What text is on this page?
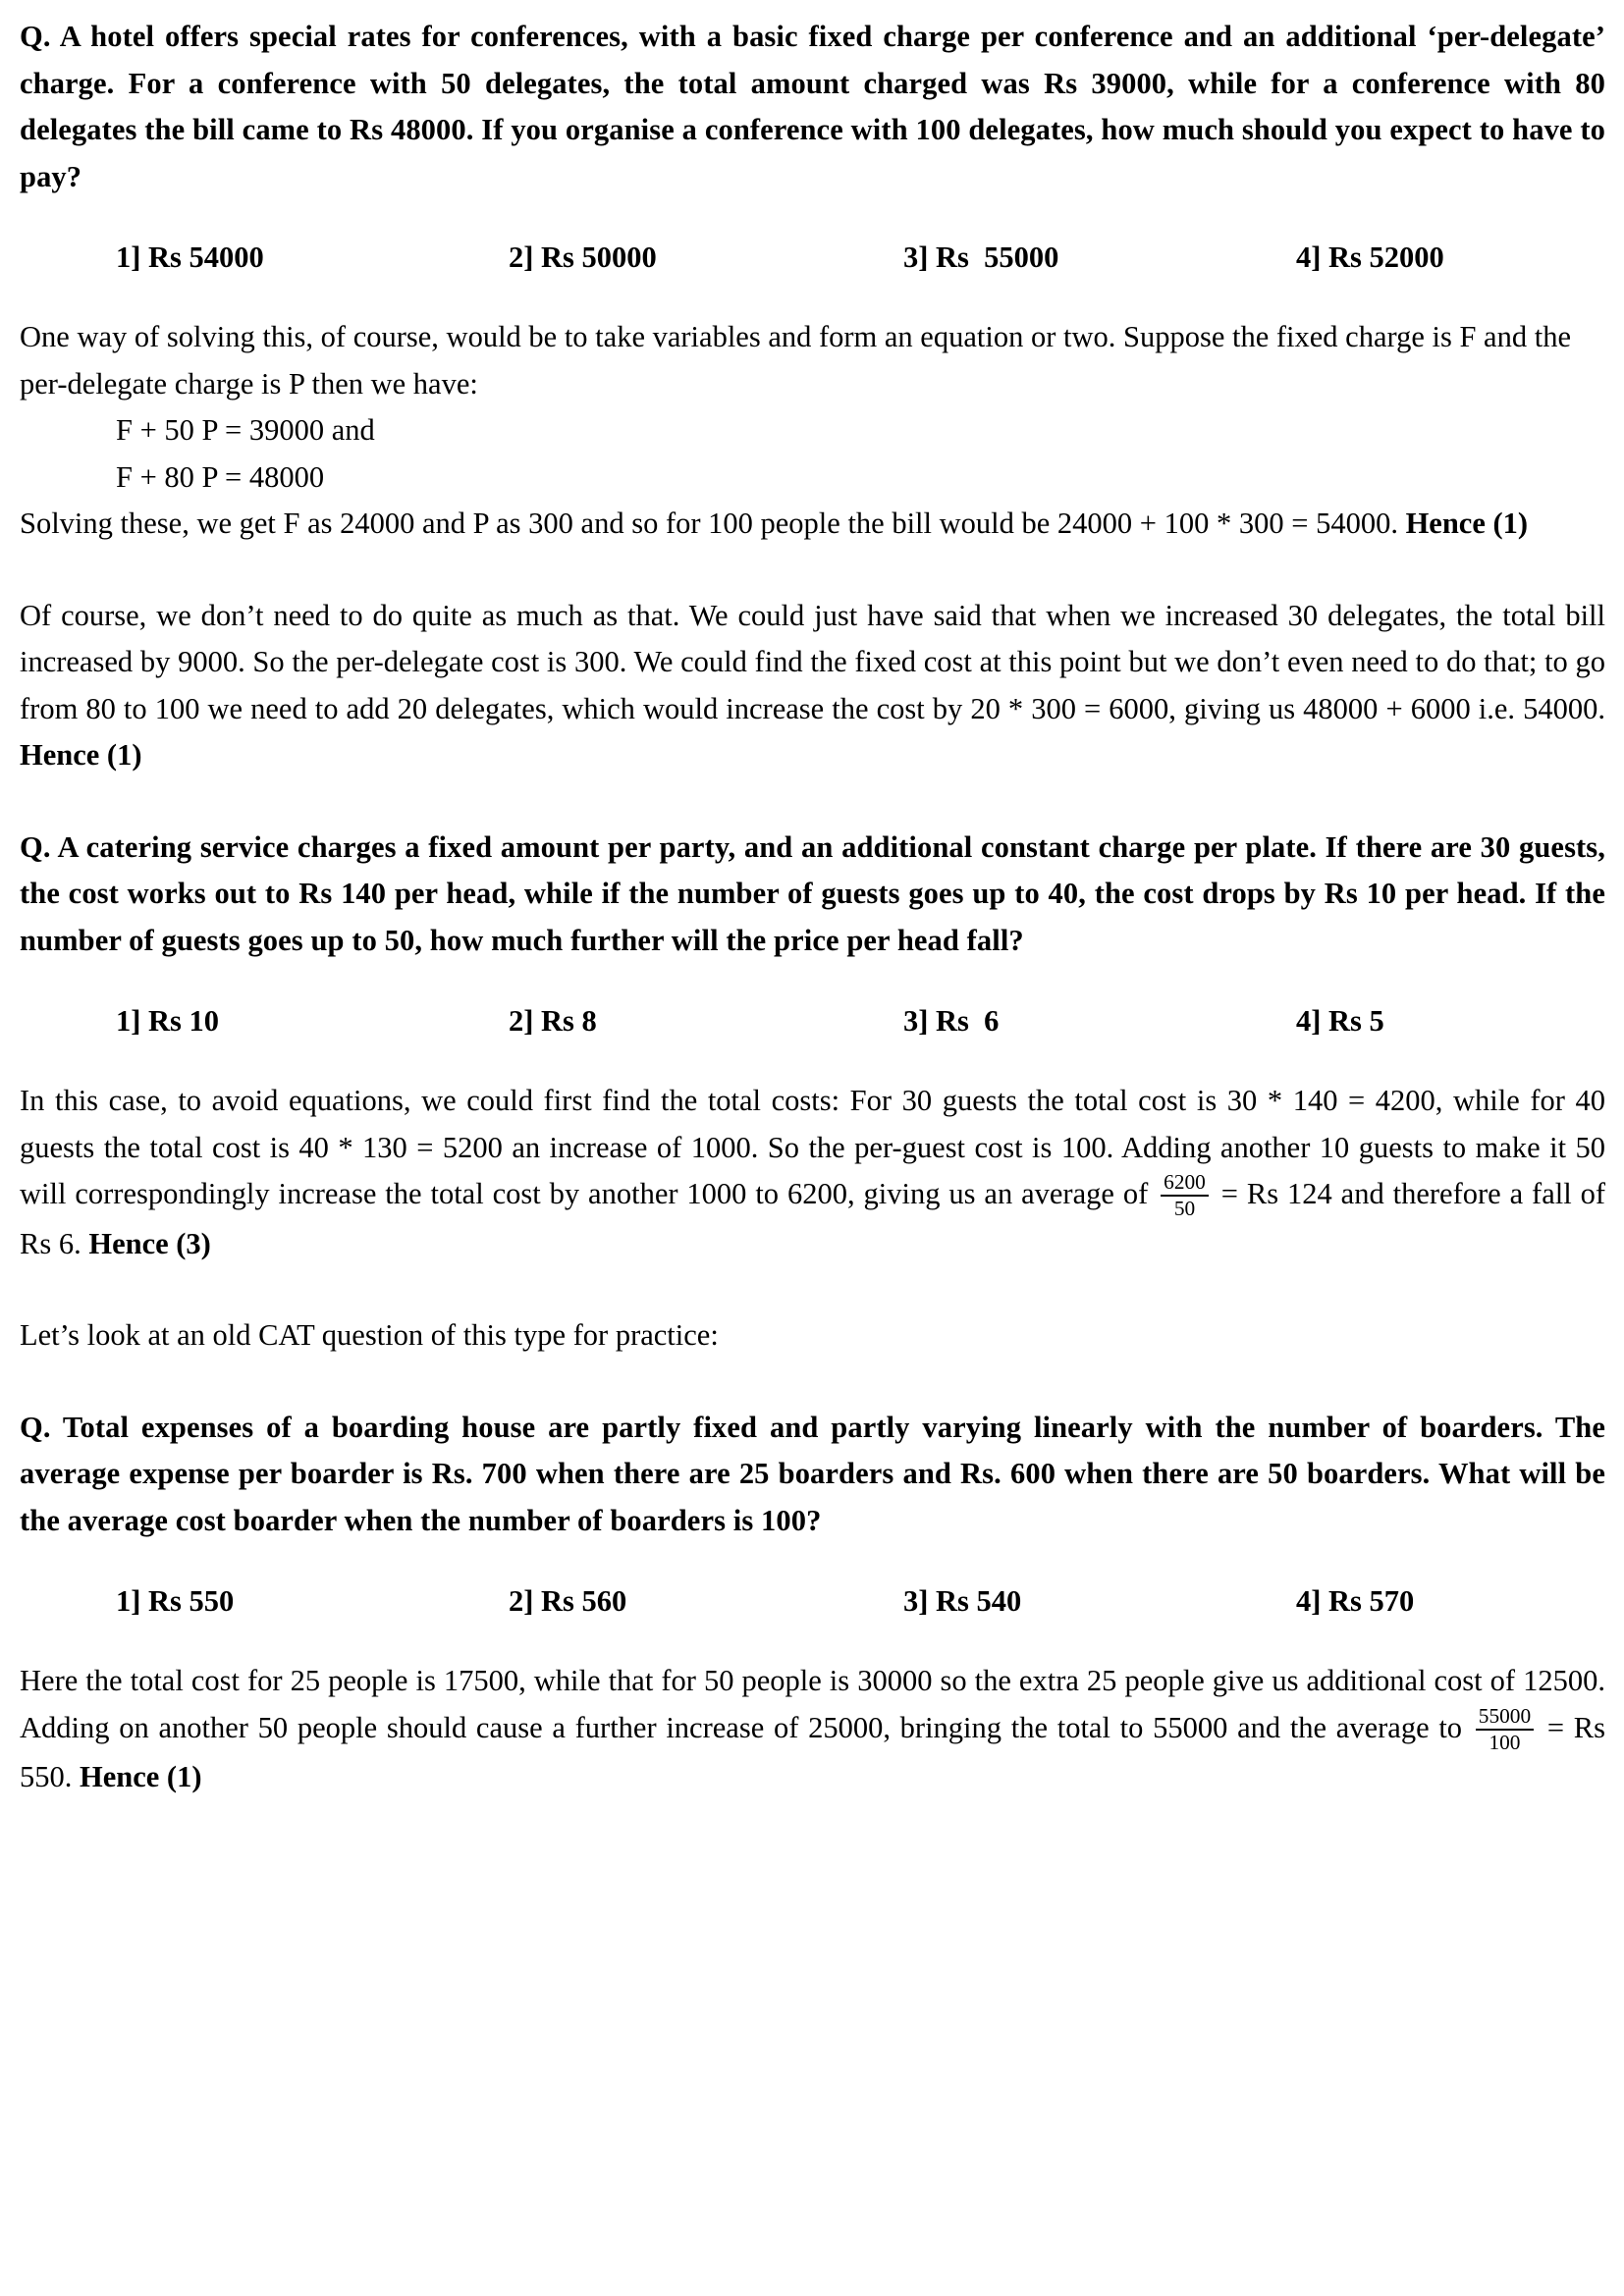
Q. A hotel offers special rates for conferences, with a basic fixed charge per conference and an additional ‘per-delegate’ charge. For a conference with 50 delegates, the total amount charged was Rs 39000, while for a conference with 80 delegates the bill came to Rs 48000. If you organise a conference with 100 delegates, how much should you expect to have to pay?

1] Rs 54000	2] Rs 50000	3] Rs  55000	4] Rs 52000

One way of solving this, of course, would be to take variables and form an equation or two. Suppose the fixed charge is F and the per-delegate charge is P then we have:

F + 50 P = 39000 and
F + 80 P = 48000

Solving these, we get F as 24000 and P as 300 and so for 100 people the bill would be 24000 + 100 * 300 = 54000. Hence (1)

Of course, we don’t need to do quite as much as that. We could just have said that when we increased 30 delegates, the total bill increased by 9000. So the per-delegate cost is 300. We could find the fixed cost at this point but we don’t even need to do that; to go from 80 to 100 we need to add 20 delegates, which would increase the cost by 20 * 300 = 6000, giving us 48000 + 6000 i.e. 54000. Hence (1)

Q. A catering service charges a fixed amount per party, and an additional constant charge per plate. If there are 30 guests, the cost works out to Rs 140 per head, while if the number of guests goes up to 40, the cost drops by Rs 10 per head. If the number of guests goes up to 50, how much further will the price per head fall?

1] Rs 10	2] Rs 8	3] Rs  6	4] Rs 5

In this case, to avoid equations, we could first find the total costs: For 30 guests the total cost is 30 * 140 = 4200, while for 40 guests the total cost is 40 * 130 = 5200 an increase of 1000. So the per-guest cost is 100. Adding another 10 guests to make it 50 will correspondingly increase the total cost by another 1000 to 6200, giving us an average of $\frac{6200}{50} = Rs$ 124 and therefore a fall of Rs 6. Hence (3)

Let’s look at an old CAT question of this type for practice:

Q. Total expenses of a boarding house are partly fixed and partly varying linearly with the number of boarders. The average expense per boarder is Rs. 700 when there are 25 boarders and Rs. 600 when there are 50 boarders. What will be the average cost boarder when the number of boarders is 100?

1] Rs 550	2] Rs 560	3] Rs 540	4] Rs 570

Here the total cost for 25 people is 17500, while that for 50 people is 30000 so the extra 25 people give us additional cost of 12500. Adding on another 50 people should cause a further increase of 25000, bringing the total to 55000 and the average to $\frac{55000}{100} = Rs$ 550. Hence (1)
